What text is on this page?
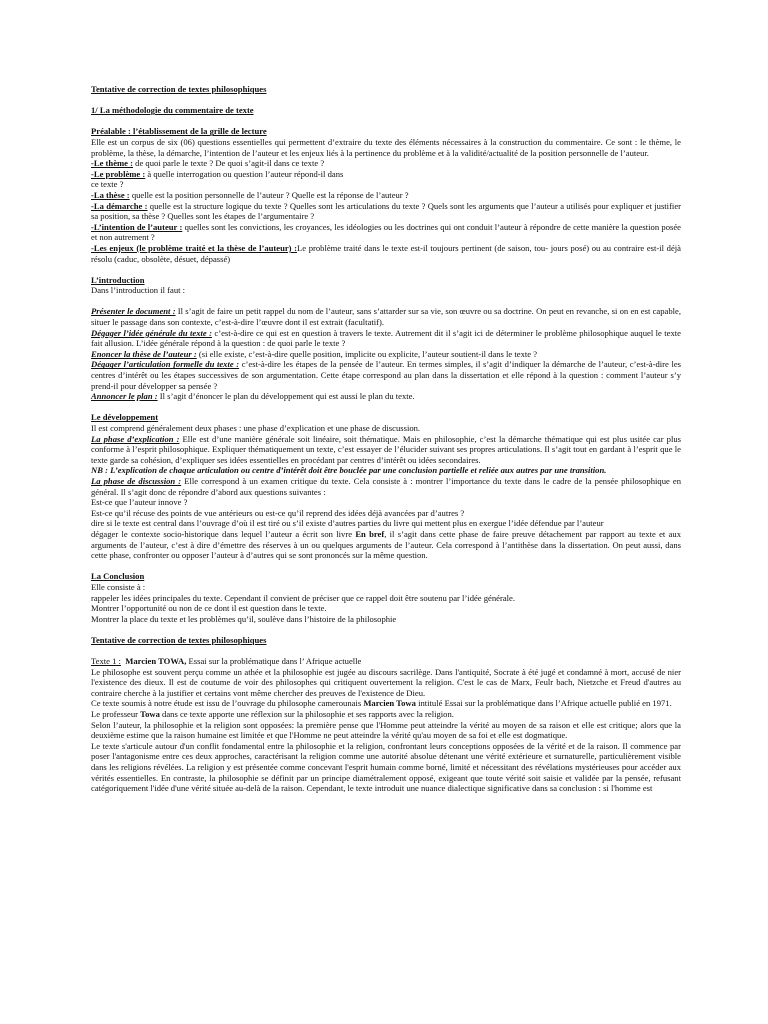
Tentative de correction de textes philosophiques

1/ La méthodologie du commentaire de texte

Préalable : l’établissement de la grille de lecture

Elle est un corpus de six (06) questions essentielles qui permettent d’extraire du texte des éléments nécessaires à la construction du commentaire. Ce sont : le thème, le problème, la thèse, la démarche, l’intention de l’auteur et les enjeux liés à la pertinence du problème et à la validité/actualité de la position personnelle de l’auteur.

-Le thème : de quoi parle le texte ? De quoi s’agit-il dans ce texte ?

-Le problème : à quelle interrogation ou question l’auteur répond-il dans

ce texte ?

-La thèse : quelle est la position personnelle de l’auteur ? Quelle est la réponse de l’auteur ?

-La démarche : quelle est la structure logique du texte ? Quelles sont les articulations du texte ? Quels sont les arguments que l’auteur a utilisés pour expliquer et justifier sa position, sa thèse ? Quelles sont les étapes de l’argumentaire ?

-L’intention de l’auteur : quelles sont les convictions, les croyances, les idéologies ou les doctrines qui ont conduit l’auteur à répondre de cette manière la question posée et non autrement ?

-Les enjeux (le problème traité et la thèse de l’auteur) :Le problème traité dans le texte est-il toujours pertinent (de saison, tou- jours posé) ou au contraire est-il déjà résolu (caduc, obsolète, désuet, dépassé)

L’introduction

Dans l’introduction il faut :

Présenter le document : Il s’agit de faire un petit rappel du nom de l’auteur, sans s’attarder sur sa vie, son œuvre ou sa doctrine. On peut en revanche, si on en est capable, situer le passage dans son contexte, c’est-à-dire l’œuvre dont il est extrait (facultatif).

Dégager l’idée générale du texte : c’est-à-dire ce qui est en question à travers le texte. Autrement dit il s’agit ici de déterminer le problème philosophique auquel le texte fait allusion. L’idée générale répond à la question : de quoi parle le texte ?

Enoncer la thèse de l’auteur : (si elle existe, c’est-à-dire quelle position, implicite ou explicite, l’auteur soutient-il dans le texte ?

Dégager l’articulation formelle du texte : c’est-à-dire les étapes de la pensée de l’auteur. En termes simples, il s’agit d’indiquer la démarche de l’auteur, c’est-à-dire les centres d’intérêt ou les étapes successives de son argumentation. Cette étape correspond au plan dans la dissertation et elle répond à la question : comment l’auteur s’y prend-il pour développer sa pensée ?

Annoncer le plan : Il s’agit d’énoncer le plan du développement qui est aussi le plan du texte.

Le développement

Il est comprend généralement deux phases : une phase d’explication et une phase de discussion.

La phase d’explication : Elle est d’une manière générale soit linéaire, soit thématique. Mais en philosophie, c’est la démarche thématique qui est plus usitée car plus conforme à l’esprit philosophique. Expliquer thématiquement un texte, c’est essayer de l’élucider suivant ses propres articulations. Il s’agit tout en gardant à l’esprit que le texte garde sa cohésion, d’expliquer ses idées essentielles en procédant par centres d’intérêt ou idées secondaires.

NB : L’explication de chaque articulation ou centre d’intérêt doit être bouclée par une conclusion partielle et reliée aux autres par une transition.

La phase de discussion : Elle correspond à un examen critique du texte. Cela consiste à : montrer l’importance du texte dans le cadre de la pensée philosophique en général. Il s’agit donc de répondre d’abord aux questions suivantes :

Est-ce que l’auteur innove ?

Est-ce qu’il récuse des points de vue antérieurs ou est-ce qu’il reprend des idées déjà avancées par d’autres ?

dire si le texte est central dans l’ouvrage d’où il est tiré ou s’il existe d’autres parties du livre qui mettent plus en exergue l’idée défendue par l’auteur

dégager le contexte socio-historique dans lequel l’auteur a écrit son livre En bref, il s’agit dans cette phase de faire preuve détachement par rapport au texte et aux arguments de l’auteur, c’est à dire d’émettre des réserves à un ou quelques arguments de l’auteur. Cela correspond à l’antithèse dans la dissertation. On peut aussi, dans cette phase, confronter ou opposer l’auteur à d’autres qui se sont prononcés sur la même question.

La Conclusion

Elle consiste à :

rappeler les idées principales du texte. Cependant il convient de préciser que ce rappel doit être soutenu par l’idée générale.

Montrer l’opportunité ou non de ce dont il est question dans le texte.

Montrer la place du texte et les problèmes qu’il, soulève dans l’histoire de la philosophie

Tentative de correction de textes philosophiques

Texte 1 : Marcien TOWA, Essai sur la problématique dans l’ Afrique actuelle

Le philosophe est souvent perçu comme un athée et la philosophie est jugée au discours sacrilège. Dans l'antiquité, Socrate à été jugé et condamné à mort, accusé de nier l'existence des dieux. Il est de coutume de voir des philosophes qui critiquent ouvertement la religion. C'est le cas de Marx, Feulr bach, Nietzche et Freud d'autres au contraire cherche à la justifier et certains vont même chercher des preuves de l'existence de Dieu.

Ce texte soumis à notre étude est issu de l’ouvrage du philosophe camerounais Marcien Towa intitulé Essai sur la problématique dans l’Afrique actuelle publié en 1971.

Le professeur Towa dans ce texte apporte une réflexion sur la philosophie et ses rapports avec la religion.

Selon l’auteur, la philosophie et la religion sont opposées: la première pense que l'Homme peut atteindre la vérité au moyen de sa raison et elle est critique; alors que la deuxième estime que la raison humaine est limitée et que l'Homme ne peut atteindre la vérité qu'au moyen de sa foi et elle est dogmatique.

Le texte s'articule autour d'un conflit fondamental entre la philosophie et la religion, confrontant leurs conceptions opposées de la vérité et de la raison. Il commence par poser l'antagonisme entre ces deux approches, caractérisant la religion comme une autorité absolue détenant une vérité extérieure et surnaturelle, particulièrement visible dans les religions révélées. La religion y est présentée comme concevant l'esprit humain comme borné, limité et nécessitant des révélations mystérieuses pour accéder aux vérités essentielles. En contraste, la philosophie se définit par un principe diamétralement opposé, exigeant que toute vérité soit saisie et validée par la pensée, refusant catégoriquement l'idée d'une vérité située au-delà de la raison. Cependant, le texte introduit une nuance dialectique significative dans sa conclusion : si l'homme est
